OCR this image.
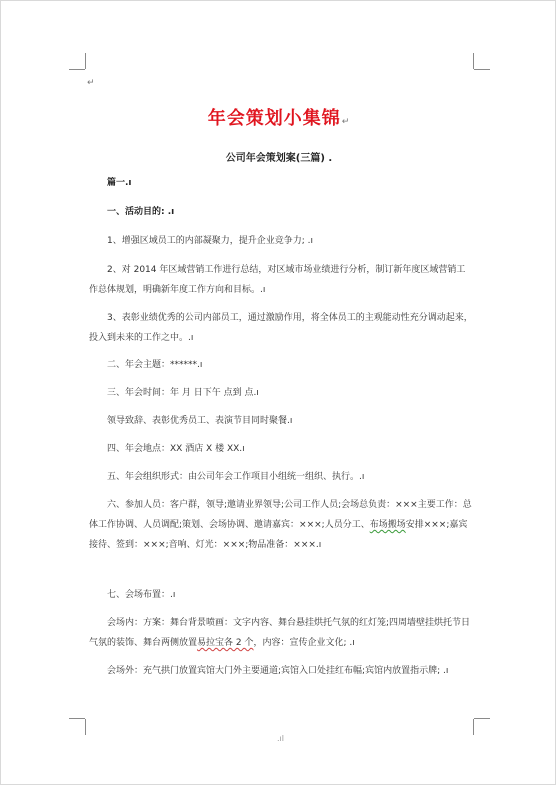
↵
年会策划小集锦↵
公司年会策划案(三篇) .
篇一.ı
一、活动目的: .ı
1、增强区域员工的内部凝聚力，提升企业竞争力; .ı
2、对 2014 年区域营销工作进行总结，对区域市场业绩进行分析，制订新年度区域营销工作总体规划，明确新年度工作方向和目标。.ı
3、表彰业绩优秀的公司内部员工，通过激励作用，将全体员工的主观能动性充分调动起来，投入到未来的工作之中。.ı
二、年会主题：******.ı
三、年会时间：年 月 日下午 点到 点.ı
领导致辞、表彰优秀员工、表演节目同时聚餐.ı
四、年会地点：XX 酒店 X 楼 XX.ı
五、年会组织形式：由公司年会工作项目小组统一组织、执行。.ı
六、参加人员：客户群，领导;邀请业界领导;公司工作人员;会场总负责：×××主要工作：总体工作协调、人员调配;策划、会场协调、邀请嘉宾：×××;人员分工、布场搬场安排×××;嘉宾接待、签到：×××;音响、灯光：×××;物品准备：×××.ı
七、会场布置：.ı
会场内：方案：舞台背景喷画：文字内容、舞台悬挂烘托气氛的红灯笼;四周墙壁挂烘托节日气氛的装饰、舞台两侧放置易拉宝各 2 个，内容：宣传企业文化; .ı
会场外：充气拱门放置宾馆大门外主要通道;宾馆入口处挂红布幅;宾馆内放置指示牌; .ı
.ıl
